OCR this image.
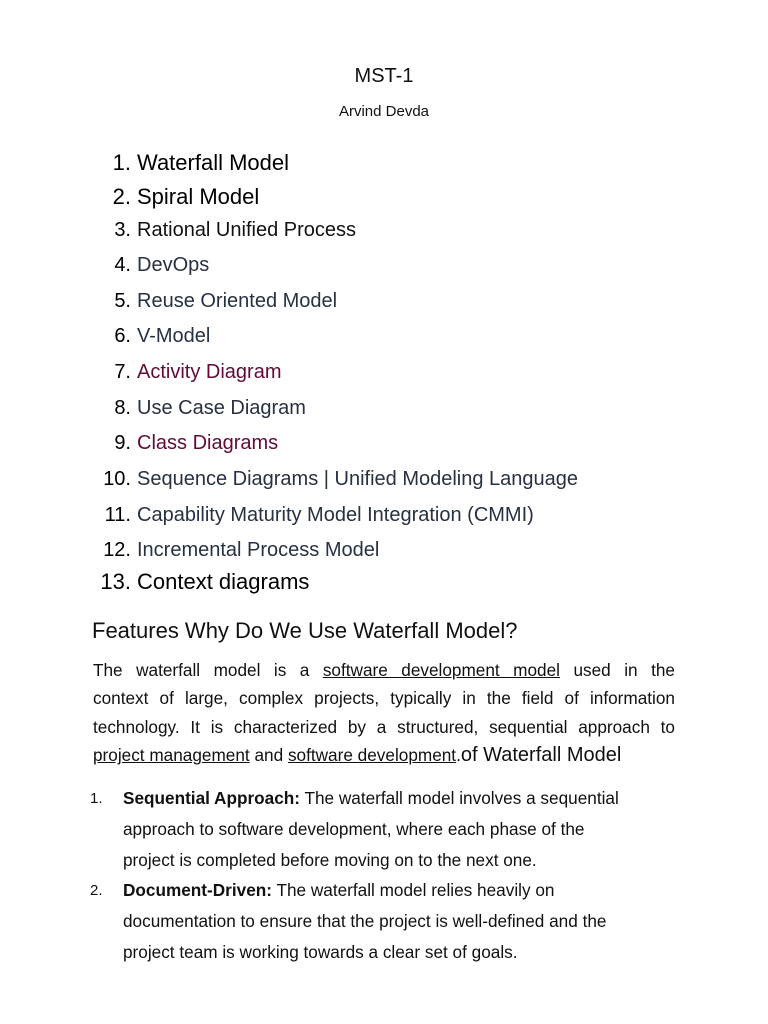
MST-1
Arvind Devda
1. Waterfall Model
2. Spiral Model
3. Rational Unified Process
4. DevOps
5. Reuse Oriented Model
6. V-Model
7. Activity Diagram
8. Use Case Diagram
9. Class Diagrams
10. Sequence Diagrams | Unified Modeling Language
11. Capability Maturity Model Integration (CMMI)
12. Incremental Process Model
13. Context diagrams
Features Why Do We Use Waterfall Model?
The waterfall model is a software development model used in the
context of large, complex projects, typically in the field of information
technology. It is characterized by a structured, sequential approach to
project management and software development.of Waterfall Model
1.	Sequential Approach: The waterfall model involves a sequential
approach to software development, where each phase of the
project is completed before moving on to the next one.
2.	Document-Driven: The waterfall model relies heavily on
documentation to ensure that the project is well-defined and the
project team is working towards a clear set of goals.
